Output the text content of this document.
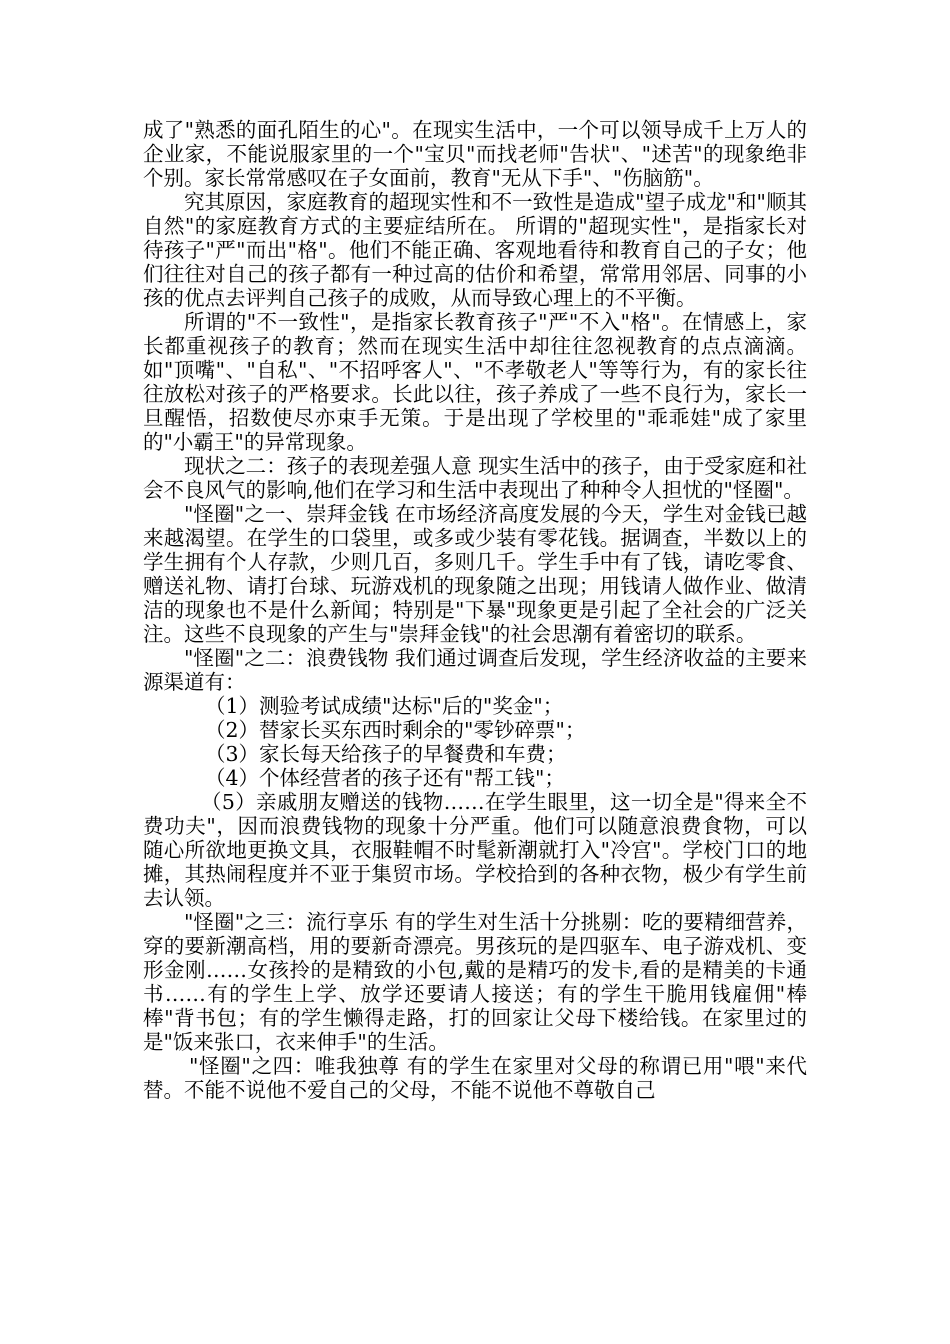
成了"熟悉的面孔陌生的心"。在现实生活中，一个可以领导成千上万人的企业家，不能说服家里的一个"宝贝"而找老师"告状"、"述苦"的现象绝非个别。家长常常感叹在子女面前，教育"无从下手"、"伤脑筋"。

究其原因，家庭教育的超现实性和不一致性是造成"望子成龙"和"顺其自然"的家庭教育方式的主要症结所在。 所谓的"超现实性"，是指家长对待孩子"严"而出"格"。他们不能正确、客观地看待和教育自己的子女；他们往往对自己的孩子都有一种过高的估价和希望，常常用邻居、同事的小孩的优点去评判自己孩子的成败，从而导致心理上的不平衡。

所谓的"不一致性"，是指家长教育孩子"严"不入"格"。在情感上，家长都重视孩子的教育；然而在现实生活中却往往忽视教育的点点滴滴。如"顶嘴"、"自私"、"不招呼客人"、"不孝敬老人"等等行为，有的家长往往放松对孩子的严格要求。长此以往，孩子养成了一些不良行为，家长一旦醒悟，招数使尽亦束手无策。于是出现了学校里的"乖乖娃"成了家里的"小霸王"的异常现象。

现状之二：孩子的表现差强人意 现实生活中的孩子，由于受家庭和社会不良风气的影响,他们在学习和生活中表现出了种种令人担忧的"怪圈"。

"怪圈"之一、崇拜金钱 在市场经济高度发展的今天，学生对金钱已越来越渴望。在学生的口袋里，或多或少装有零花钱。据调查，半数以上的学生拥有个人存款，少则几百，多则几千。学生手中有了钱，请吃零食、赠送礼物、请打台球、玩游戏机的现象随之出现；用钱请人做作业、做清洁的现象也不是什么新闻；特别是"下暴"现象更是引起了全社会的广泛关注。这些不良现象的产生与"崇拜金钱"的社会思潮有着密切的联系。

"怪圈"之二：浪费钱物 我们通过调查后发现，学生经济收益的主要来源渠道有：

（1）测验考试成绩"达标"后的"奖金"；

（2）替家长买东西时剩余的"零钞碎票"；

（3）家长每天给孩子的早餐费和车费；

（4）个体经营者的孩子还有"帮工钱"；

（5）亲戚朋友赠送的钱物……在学生眼里，这一切全是"得来全不费功夫"，因而浪费钱物的现象十分严重。他们可以随意浪费食物，可以随心所欲地更换文具，衣服鞋帽不时髦新潮就打入"冷宫"。学校门口的地摊，其热闹程度并不亚于集贸市场。学校拾到的各种衣物，极少有学生前去认领。

"怪圈"之三：流行享乐 有的学生对生活十分挑剔：吃的要精细营养，穿的要新潮高档，用的要新奇漂亮。男孩玩的是四驱车、电子游戏机、变形金刚……女孩拎的是精致的小包,戴的是精巧的发卡,看的是精美的卡通书……有的学生上学、放学还要请人接送；有的学生干脆用钱雇佣"棒棒"背书包；有的学生懒得走路，打的回家让父母下楼给钱。在家里过的是"饭来张口，衣来伸手"的生活。

"怪圈"之四：唯我独尊 有的学生在家里对父母的称谓已用"喂"来代替。不能不说他不爱自己的父母，不能不说他不尊敬自己
